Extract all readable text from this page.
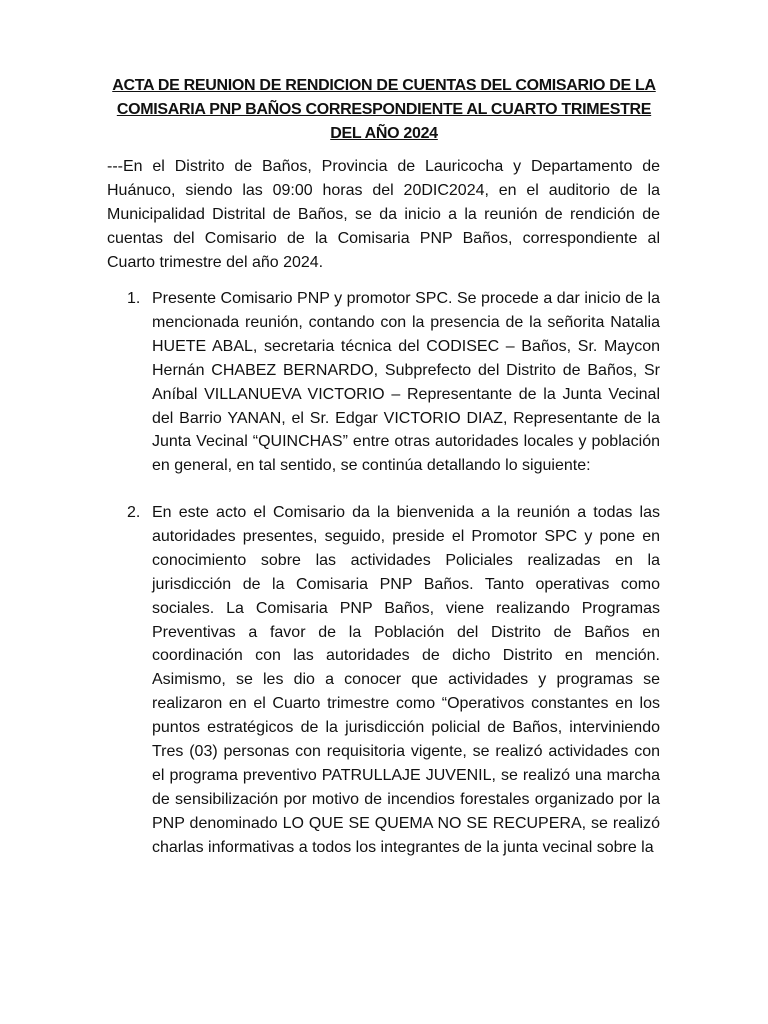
ACTA DE REUNION DE RENDICION DE CUENTAS DEL COMISARIO DE LA COMISARIA PNP BAÑOS CORRESPONDIENTE AL CUARTO TRIMESTRE DEL AÑO 2024

---En el Distrito de Baños, Provincia de Lauricocha y Departamento de Huánuco, siendo las 09:00 horas del 20DIC2024, en el auditorio de la Municipalidad Distrital de Baños, se da inicio a la reunión de rendición de cuentas del Comisario de la Comisaria PNP Baños, correspondiente al Cuarto trimestre del año 2024.

1. Presente Comisario PNP y promotor SPC. Se procede a dar inicio de la mencionada reunión, contando con la presencia de la señorita Natalia HUETE ABAL, secretaria técnica del CODISEC – Baños, Sr. Maycon Hernán CHABEZ BERNARDO, Subprefecto del Distrito de Baños, Sr Aníbal VILLANUEVA VICTORIO – Representante de la Junta Vecinal del Barrio YANAN, el Sr. Edgar VICTORIO DIAZ, Representante de la Junta Vecinal “QUINCHAS” entre otras autoridades locales y población en general, en tal sentido, se continúa detallando lo siguiente:
2. En este acto el Comisario da la bienvenida a la reunión a todas las autoridades presentes, seguido, preside el Promotor SPC y pone en conocimiento sobre las actividades Policiales realizadas en la jurisdicción de la Comisaria PNP Baños. Tanto operativas como sociales. La Comisaria PNP Baños, viene realizando Programas Preventivas a favor de la Población del Distrito de Baños en coordinación con las autoridades de dicho Distrito en mención. Asimismo, se les dio a conocer que actividades y programas se realizaron en el Cuarto trimestre como “Operativos constantes en los puntos estratégicos de la jurisdicción policial de Baños, interviniendo Tres (03) personas con requisitoria vigente, se realizó actividades con el programa preventivo PATRULLAJE JUVENIL, se realizó una marcha de sensibilización por motivo de incendios forestales organizado por la PNP denominado LO QUE SE QUEMA NO SE RECUPERA, se realizó charlas informativas a todos los integrantes de la junta vecinal sobre la
